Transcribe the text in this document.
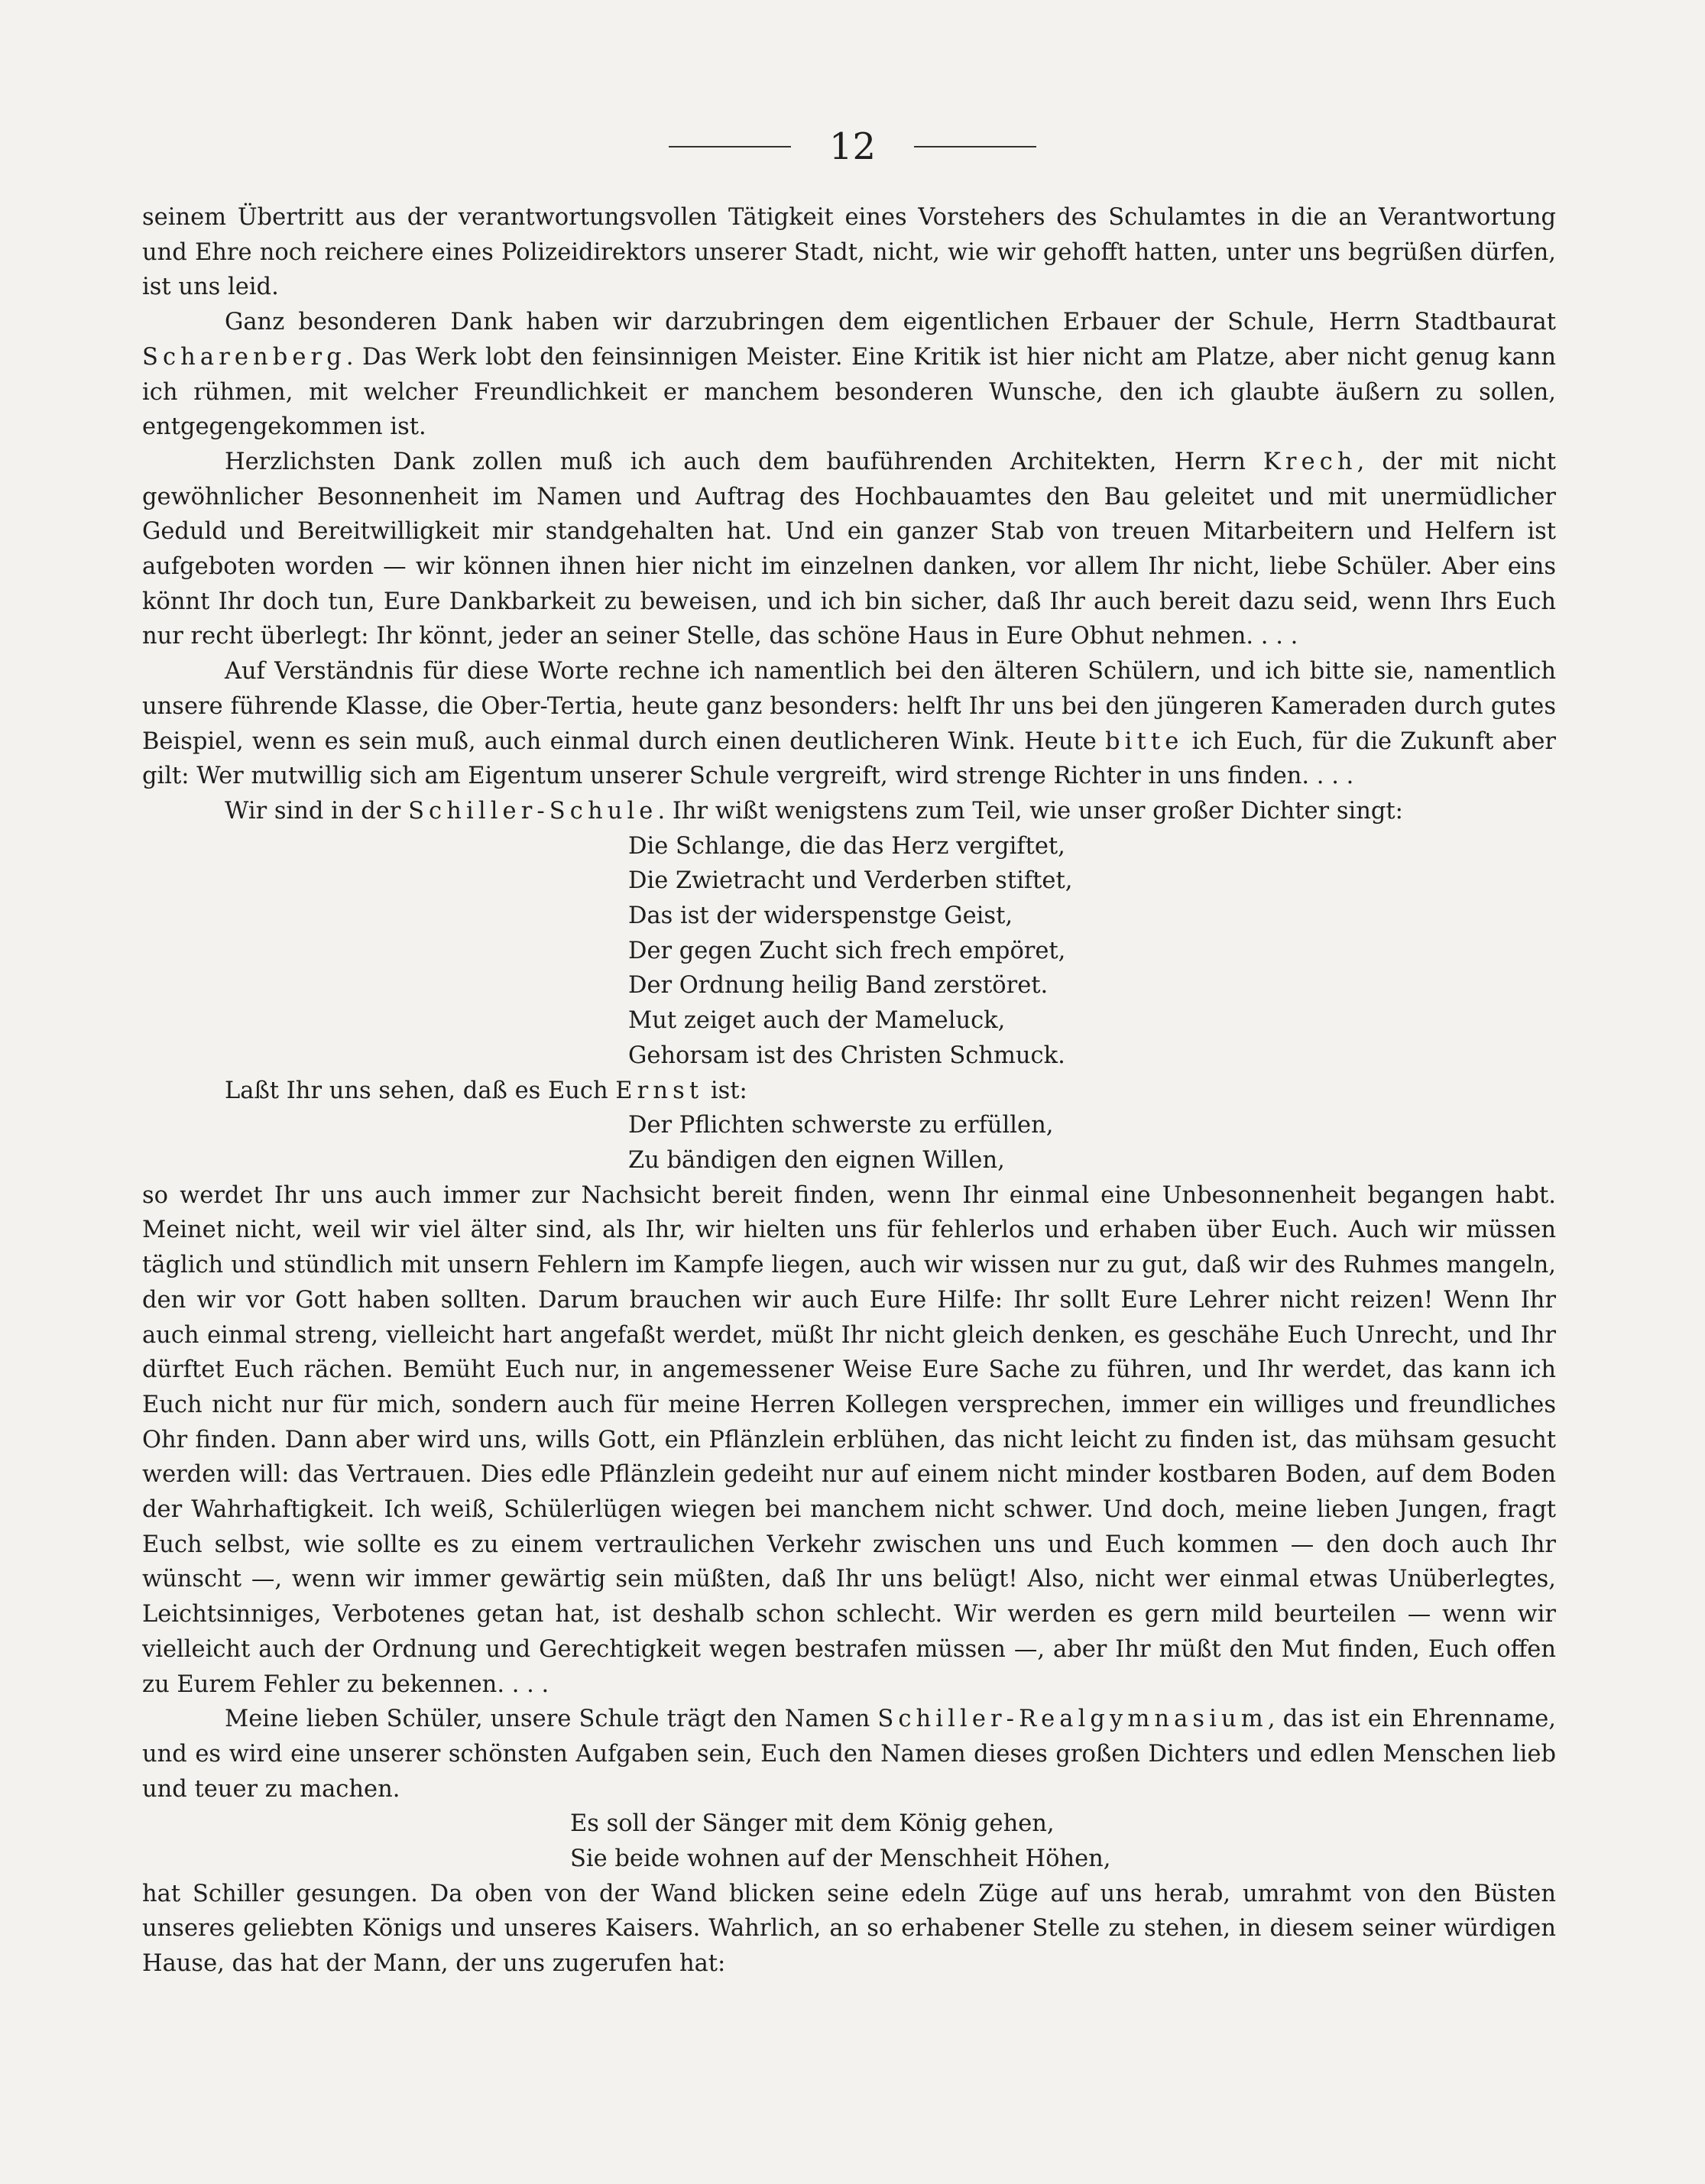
12

seinem Übertritt aus der verantwortungsvollen Tätigkeit eines Vorstehers des Schulamtes in die an Verantwortung und Ehre noch reichere eines Polizeidirektors unserer Stadt, nicht, wie wir gehofft hatten, unter uns begrüßen dürfen, ist uns leid.

Ganz besonderen Dank haben wir darzubringen dem eigentlichen Erbauer der Schule, Herrn Stadtbaurat Scharenberg. Das Werk lobt den feinsinnigen Meister. Eine Kritik ist hier nicht am Platze, aber nicht genug kann ich rühmen, mit welcher Freundlichkeit er manchem besonderen Wunsche, den ich glaubte äußern zu sollen, entgegengekommen ist.

Herzlichsten Dank zollen muß ich auch dem bauführenden Architekten, Herrn Krech, der mit nicht gewöhnlicher Besonnenheit im Namen und Auftrag des Hochbauamtes den Bau geleitet und mit unermüdlicher Geduld und Bereitwilligkeit mir standgehalten hat. Und ein ganzer Stab von treuen Mitarbeitern und Helfern ist aufgeboten worden — wir können ihnen hier nicht im einzelnen danken, vor allem Ihr nicht, liebe Schüler. Aber eins könnt Ihr doch tun, Eure Dankbarkeit zu beweisen, und ich bin sicher, daß Ihr auch bereit dazu seid, wenn Ihrs Euch nur recht überlegt: Ihr könnt, jeder an seiner Stelle, das schöne Haus in Eure Obhut nehmen. . . .

Auf Verständnis für diese Worte rechne ich namentlich bei den älteren Schülern, und ich bitte sie, namentlich unsere führende Klasse, die Ober-Tertia, heute ganz besonders: helft Ihr uns bei den jüngeren Kameraden durch gutes Beispiel, wenn es sein muß, auch einmal durch einen deutlicheren Wink. Heute bitte ich Euch, für die Zukunft aber gilt: Wer mutwillig sich am Eigentum unserer Schule vergreift, wird strenge Richter in uns finden. . . .

Wir sind in der Schiller-Schule. Ihr wißt wenigstens zum Teil, wie unser großer Dichter singt:

Die Schlange, die das Herz vergiftet,
Die Zwietracht und Verderben stiftet,
Das ist der widerspenstge Geist,
Der gegen Zucht sich frech empöret,
Der Ordnung heilig Band zerstöret.
Mut zeiget auch der Mameluck,
Gehorsam ist des Christen Schmuck.

Laßt Ihr uns sehen, daß es Euch Ernst ist:

Der Pflichten schwerste zu erfüllen,
Zu bändigen den eignen Willen,

so werdet Ihr uns auch immer zur Nachsicht bereit finden, wenn Ihr einmal eine Unbesonnenheit begangen habt. Meinet nicht, weil wir viel älter sind, als Ihr, wir hielten uns für fehlerlos und erhaben über Euch. Auch wir müssen täglich und stündlich mit unsern Fehlern im Kampfe liegen, auch wir wissen nur zu gut, daß wir des Ruhmes mangeln, den wir vor Gott haben sollten. Darum brauchen wir auch Eure Hilfe: Ihr sollt Eure Lehrer nicht reizen! Wenn Ihr auch einmal streng, vielleicht hart angefaßt werdet, müßt Ihr nicht gleich denken, es geschähe Euch Unrecht, und Ihr dürftet Euch rächen. Bemüht Euch nur, in angemessener Weise Eure Sache zu führen, und Ihr werdet, das kann ich Euch nicht nur für mich, sondern auch für meine Herren Kollegen versprechen, immer ein williges und freundliches Ohr finden. Dann aber wird uns, wills Gott, ein Pflänzlein erblühen, das nicht leicht zu finden ist, das mühsam gesucht werden will: das Vertrauen. Dies edle Pflänzlein gedeiht nur auf einem nicht minder kostbaren Boden, auf dem Boden der Wahrhaftigkeit. Ich weiß, Schülerlügen wiegen bei manchem nicht schwer. Und doch, meine lieben Jungen, fragt Euch selbst, wie sollte es zu einem vertraulichen Verkehr zwischen uns und Euch kommen — den doch auch Ihr wünscht —, wenn wir immer gewärtig sein müßten, daß Ihr uns belügt! Also, nicht wer einmal etwas Unüberlegtes, Leichtsinniges, Verbotenes getan hat, ist deshalb schon schlecht. Wir werden es gern mild beurteilen — wenn wir vielleicht auch der Ordnung und Gerechtigkeit wegen bestrafen müssen —, aber Ihr müßt den Mut finden, Euch offen zu Eurem Fehler zu bekennen. . . .

Meine lieben Schüler, unsere Schule trägt den Namen Schiller-Realgymnasium, das ist ein Ehrenname, und es wird eine unserer schönsten Aufgaben sein, Euch den Namen dieses großen Dichters und edlen Menschen lieb und teuer zu machen.

Es soll der Sänger mit dem König gehen,
Sie beide wohnen auf der Menschheit Höhen,

hat Schiller gesungen. Da oben von der Wand blicken seine edeln Züge auf uns herab, umrahmt von den Büsten unseres geliebten Königs und unseres Kaisers. Wahrlich, an so erhabener Stelle zu stehen, in diesem seiner würdigen Hause, das hat der Mann, der uns zugerufen hat:
